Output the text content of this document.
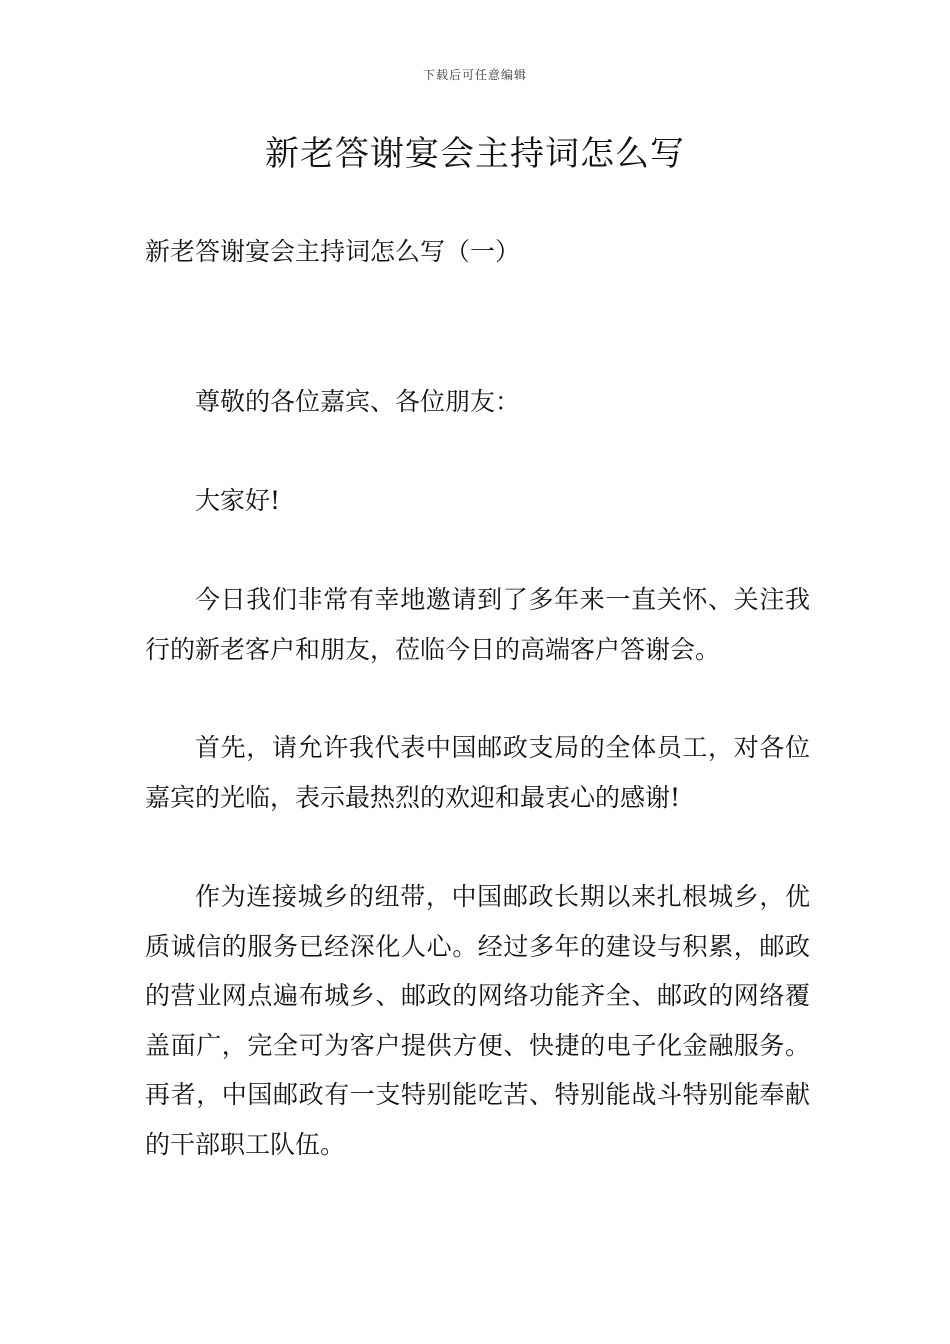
下载后可任意编辑
新老答谢宴会主持词怎么写
新老答谢宴会主持词怎么写（一）

尊敬的各位嘉宾、各位朋友：

大家好!

今日我们非常有幸地邀请到了多年来一直关怀、关注我行的新老客户和朋友，莅临今日的高端客户答谢会。

首先，请允许我代表中国邮政支局的全体员工，对各位嘉宾的光临，表示最热烈的欢迎和最衷心的感谢!

作为连接城乡的纽带，中国邮政长期以来扎根城乡，优质诚信的服务已经深化人心。经过多年的建设与积累，邮政的营业网点遍布城乡、邮政的网络功能齐全、邮政的网络覆盖面广，完全可为客户提供方便、快捷的电子化金融服务。再者，中国邮政有一支特别能吃苦、特别能战斗特别能奉献的干部职工队伍。
